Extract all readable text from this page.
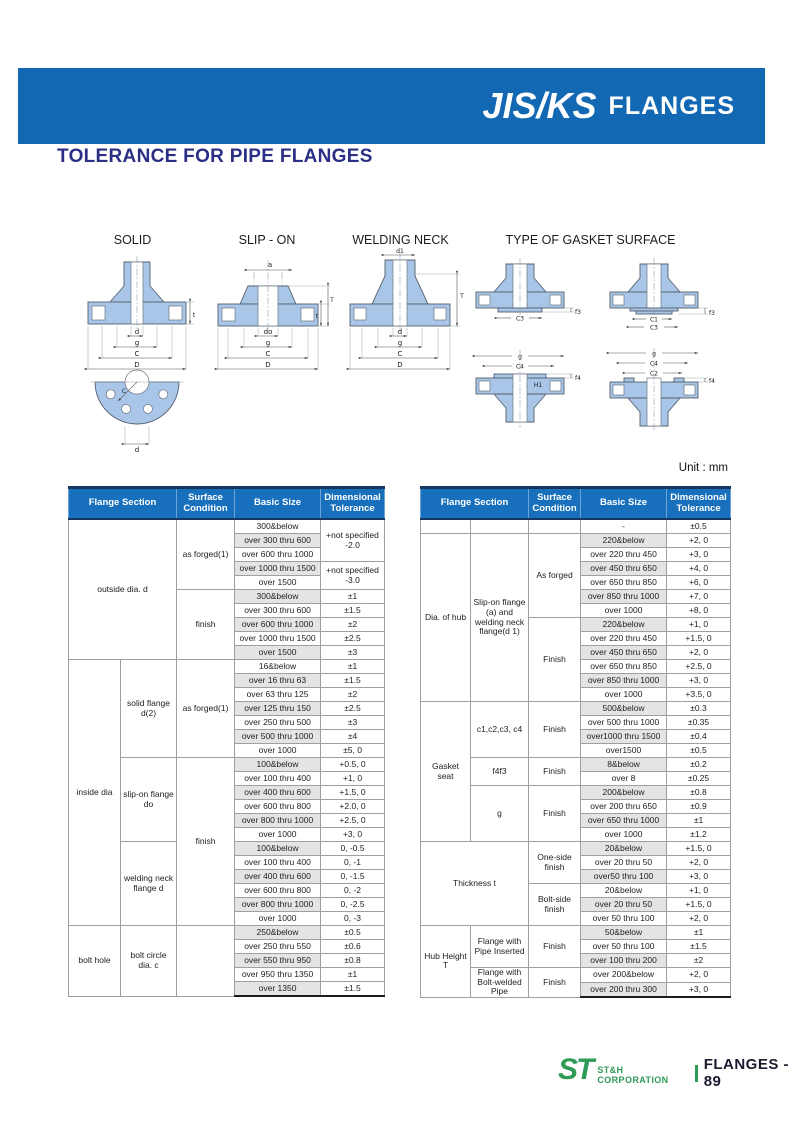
JIS/KS FLANGES
TOLERANCE FOR PIPE FLANGES
SOLID	SLIP - ON	WELDING NECK	TYPE OF GASKET SURFACE
t
d
g
C
D
C
d
a
t
T
do
g
C
D
d1
T
d
g
C
D
C3
f3
C1
C3
f3
g
C4
H1
f4
g
C4
C2
f4
Unit : mm
Flange Section		Surface Condition	Basic Size	Dimensional Tolerance
outside dia. d		as forged(1)	300&below	+not specified -2.0
			over 300 thru 600	
			over 600 thru 1000	
			over 1000 thru 1500	+not specified -3.0
			over 1500	
		finish	300&below	±1
			over 300 thru 600	±1.5
			over 600 thru 1000	±2
			over 1000 thru 1500	±2.5
			over 1500	±3
inside dia	solid flange d(2)	as forged(1)	16&below	±1
			over 16 thru 63	±1.5
			over 63 thru 125	±2
			over 125 thru 150	±2.5
			over 250 thru 500	±3
			over 500 thru 1000	±4
			over 1000	±5, 0
	slip-on flange do	finish	100&below	+0.5, 0
			over 100 thru 400	+1, 0
			over 400 thru 600	+1.5, 0
			over 600 thru 800	+2.0, 0
			over 800 thru 1000	+2.5, 0
			over 1000	+3, 0
	welding neck flange d		100&below	0, -0.5
			over 100 thru 400	0, -1
			over 400 thru 600	0, -1.5
			over 600 thru 800	0, -2
			over 800 thru 1000	0, -2.5
			over 1000	0, -3
bolt hole	bolt circle dia. c		250&below	±0.5
			over 250 thru 550	±0.6
			over 550 thru 950	±0.8
			over 950 thru 1350	±1
			over 1350	±1.5
Flange Section		Surface Condition	Basic Size	Dimensional Tolerance
			-	±0.5
Dia. of hub	Slip-on flange (a) and welding neck flange(d 1)	As forged	220&below	+2, 0
			over 220 thru 450	+3, 0
			over 450 thru 650	+4, 0
			over 650 thru 850	+6, 0
			over 850 thru 1000	+7, 0
			over 1000	+8, 0
		Finish	220&below	+1, 0
			over 220 thru 450	+1.5, 0
			over 450 thru 650	+2, 0
			over 650 thru 850	+2.5, 0
			over 850 thru 1000	+3, 0
			over 1000	+3.5, 0
Gasket seat	c1,c2,c3, c4	Finish	500&below	±0.3
			over 500 thru 1000	±0.35
			over1000 thru 1500	±0.4
			over1500	±0.5
	f4f3	Finish	8&below	±0.2
			over 8	±0.25
	g	Finish	200&below	±0.8
			over 200 thru 650	±0.9
			over 650 thru 1000	±1
			over 1000	±1.2
Thickness t		One-side finish	20&below	+1.5, 0
			over 20 thru 50	+2, 0
			over50 thru 100	+3, 0
		Bolt-side finish	20&below	+1, 0
			over 20 thru 50	+1.5, 0
			over 50 thru 100	+2, 0
Hub Height T	Flange with Pipe Inserted	Finish	50&below	±1
			over 50 thru 100	±1.5
			over 100 thru 200	±2
	Flange with Bolt-welded Pipe	Finish	over 200&below	+2, 0
			over 200 thru 300	+3, 0
ST ST&H CORPORATION
FLANGES - 89
